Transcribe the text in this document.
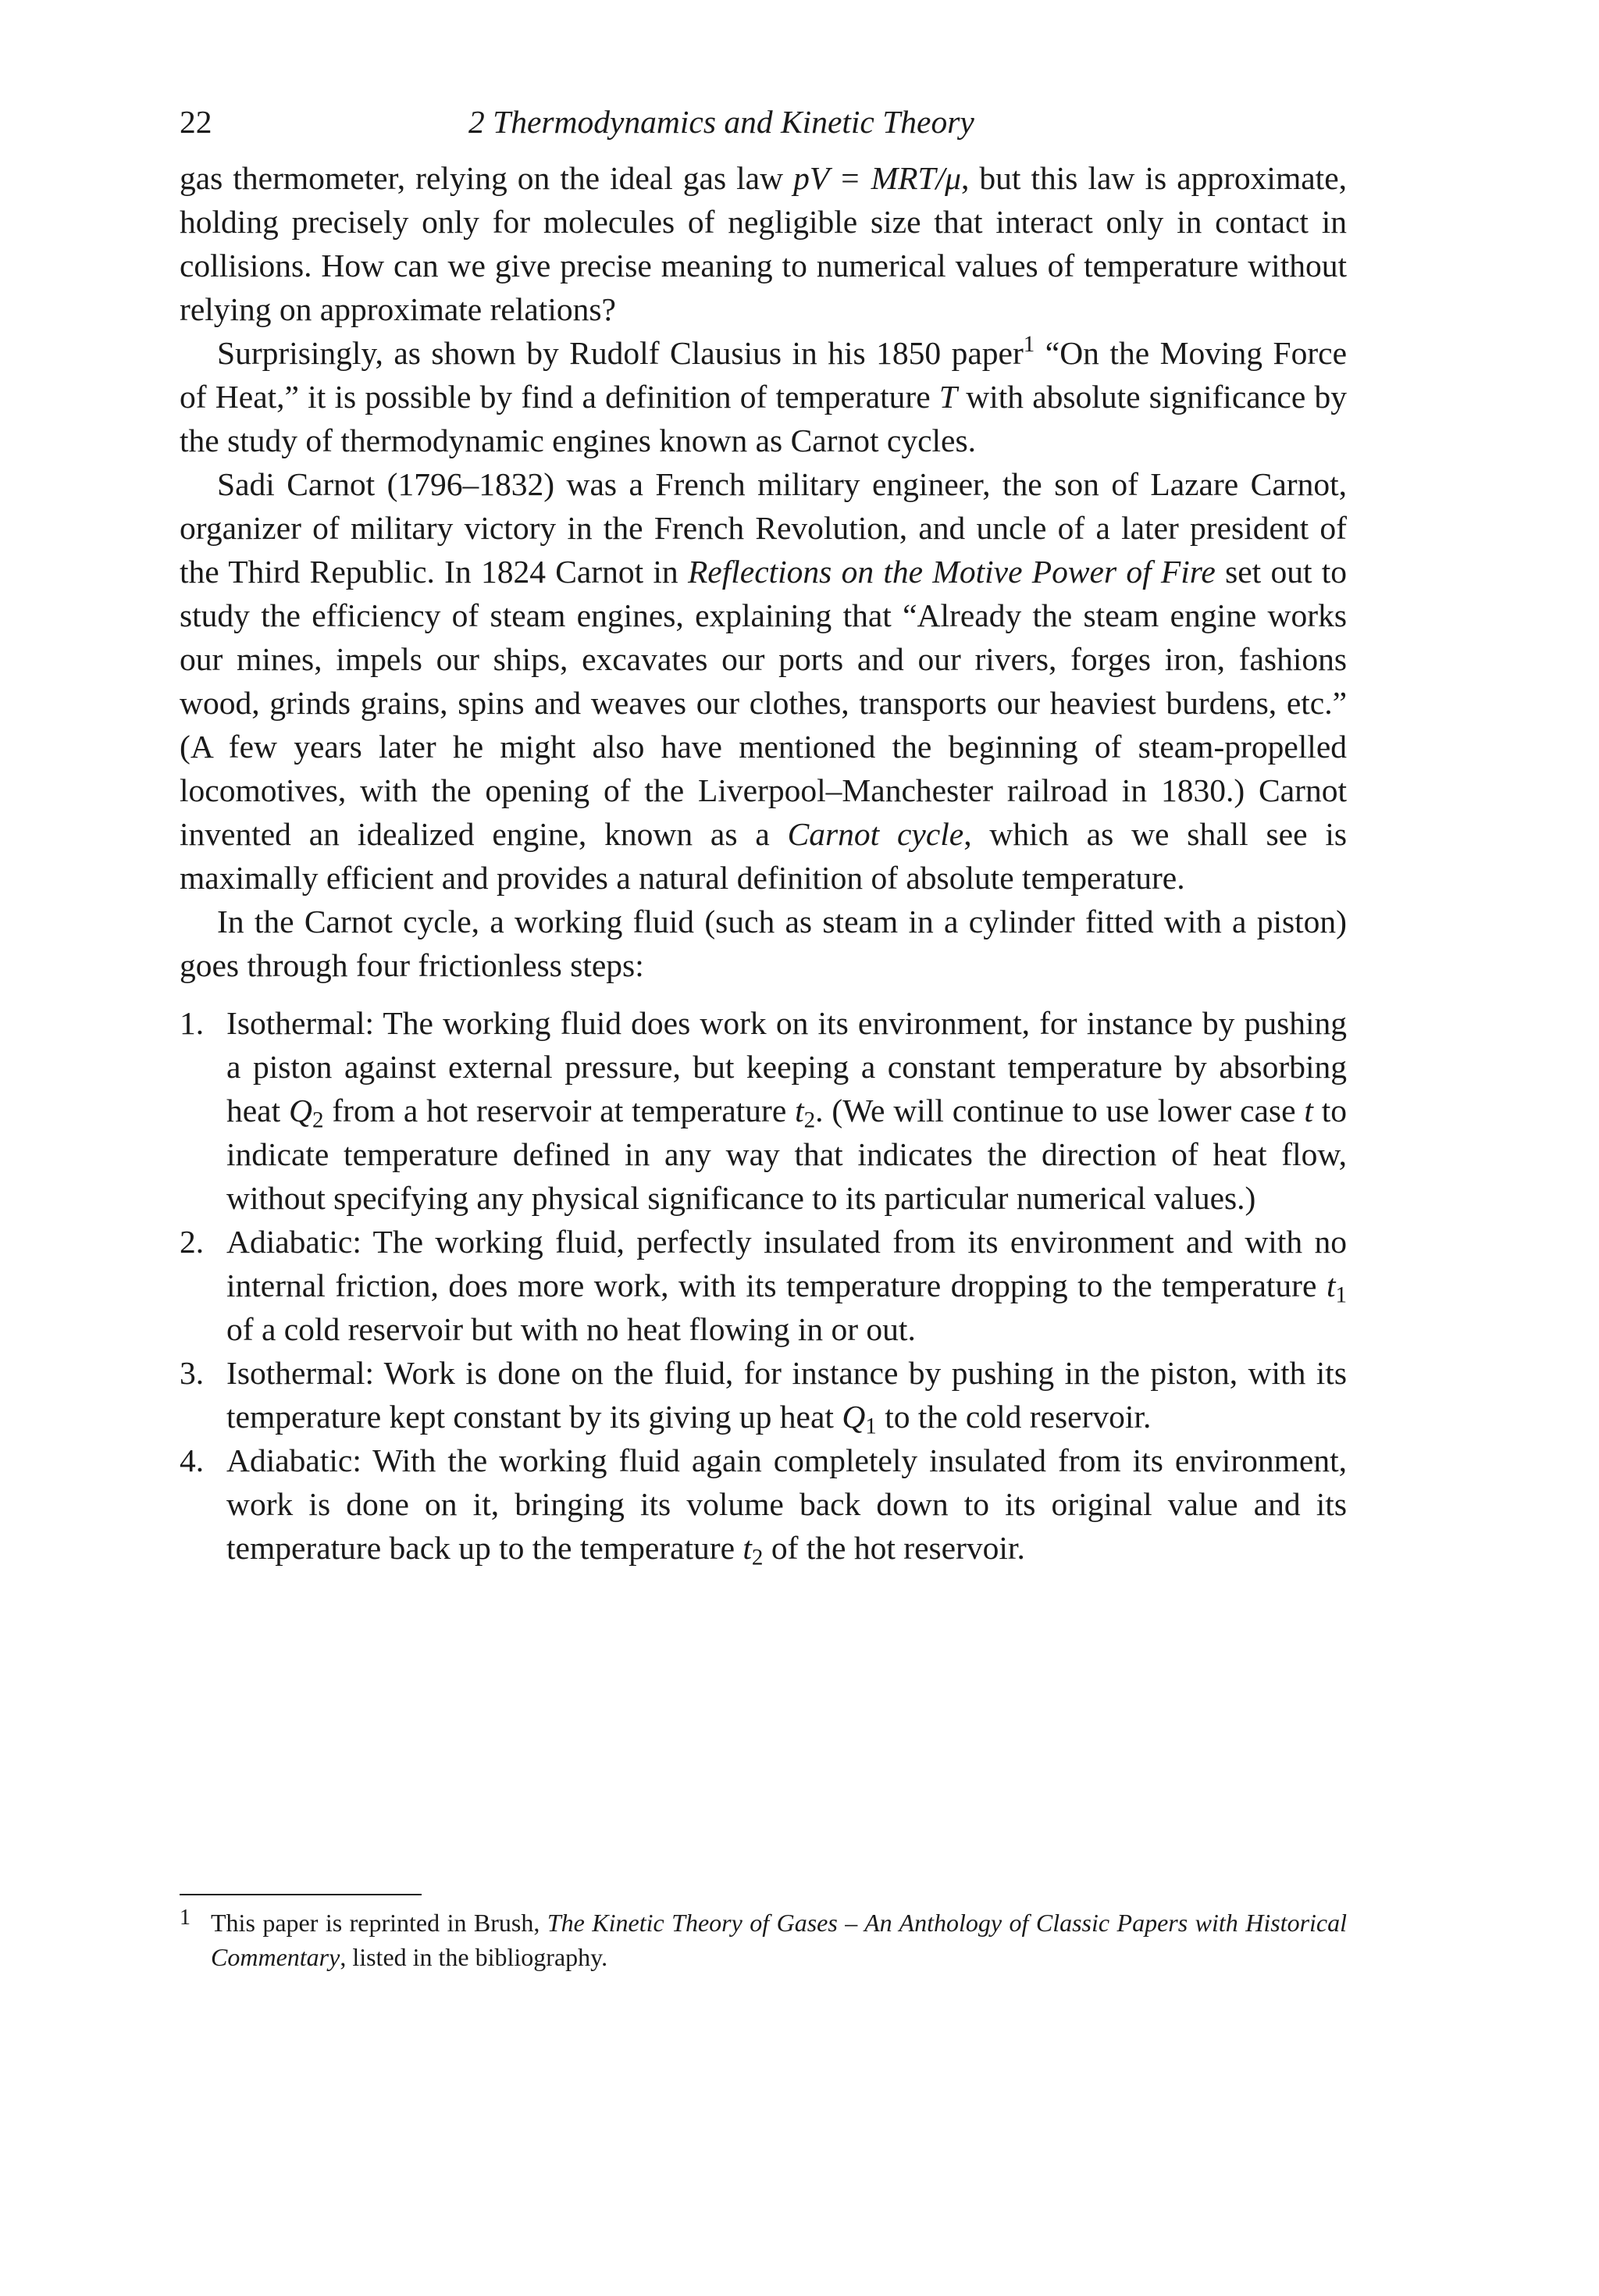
22	2 Thermodynamics and Kinetic Theory

gas thermometer, relying on the ideal gas law pV = MRT/μ, but this law is approximate, holding precisely only for molecules of negligible size that interact only in contact in collisions. How can we give precise meaning to numerical values of temperature without relying on approximate relations?

Surprisingly, as shown by Rudolf Clausius in his 1850 paper$^1$ “On the Moving Force of Heat,” it is possible by find a definition of temperature T with absolute significance by the study of thermodynamic engines known as Carnot cycles.

Sadi Carnot (1796–1832) was a French military engineer, the son of Lazare Carnot, organizer of military victory in the French Revolution, and uncle of a later president of the Third Republic. In 1824 Carnot in Reflections on the Motive Power of Fire set out to study the efficiency of steam engines, explaining that “Already the steam engine works our mines, impels our ships, excavates our ports and our rivers, forges iron, fashions wood, grinds grains, spins and weaves our clothes, transports our heaviest burdens, etc.” (A few years later he might also have mentioned the beginning of steam-propelled locomotives, with the opening of the Liverpool–Manchester railroad in 1830.) Carnot invented an idealized engine, known as a Carnot cycle, which as we shall see is maximally efficient and provides a natural definition of absolute temperature.

In the Carnot cycle, a working fluid (such as steam in a cylinder fitted with a piston) goes through four frictionless steps:

1. Isothermal: The working fluid does work on its environment, for instance by pushing a piston against external pressure, but keeping a constant temperature by absorbing heat $Q_2$ from a hot reservoir at temperature $t_2$. (We will continue to use lower case t to indicate temperature defined in any way that indicates the direction of heat flow, without specifying any physical significance to its particular numerical values.)
2. Adiabatic: The working fluid, perfectly insulated from its environment and with no internal friction, does more work, with its temperature dropping to the temperature $t_1$ of a cold reservoir but with no heat flowing in or out.
3. Isothermal: Work is done on the fluid, for instance by pushing in the piston, with its temperature kept constant by its giving up heat $Q_1$ to the cold reservoir.
4. Adiabatic: With the working fluid again completely insulated from its environment, work is done on it, bringing its volume back down to its original value and its temperature back up to the temperature $t_2$ of the hot reservoir.
1 This paper is reprinted in Brush, The Kinetic Theory of Gases – An Anthology of Classic Papers with Historical Commentary, listed in the bibliography.
